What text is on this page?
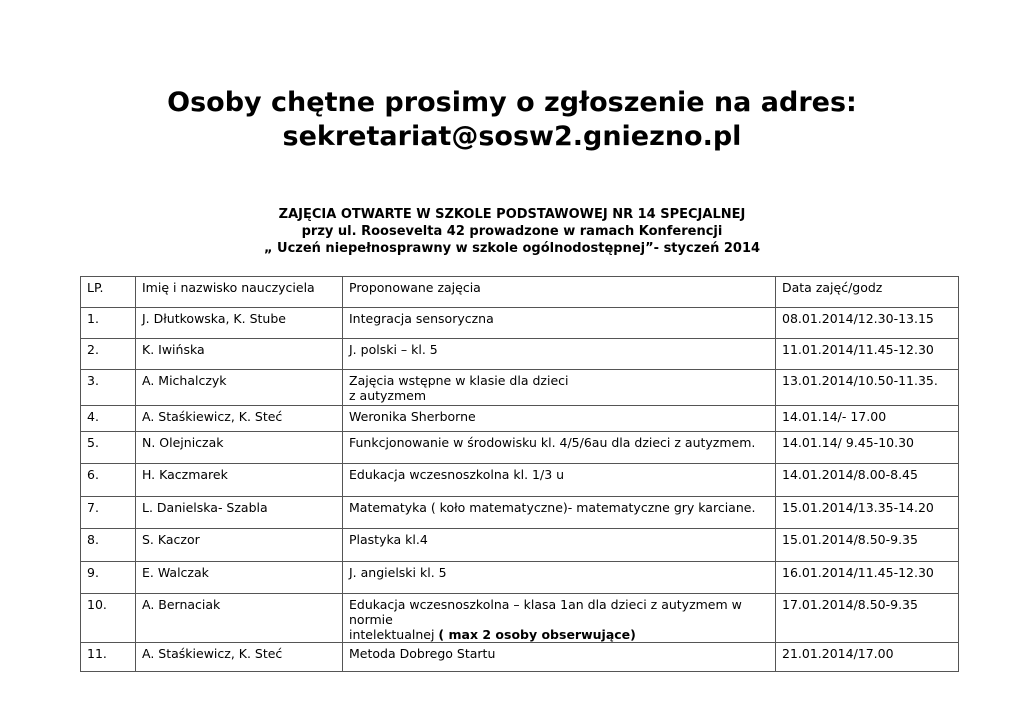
Osoby chętne prosimy o zgłoszenie na adres:
sekretariat@sosw2.gniezno.pl
ZAJĘCIA OTWARTE W SZKOLE PODSTAWOWEJ NR 14 SPECJALNEJ
przy ul. Roosevelta 42 prowadzone w ramach Konferencji
„ Uczeń niepełnosprawny w szkole ogólnodostępnej”- styczeń 2014
LP.	Imię i nazwisko nauczyciela	Proponowane zajęcia	Data zajęć/godz
1.	J. Dłutkowska, K. Stube	Integracja sensoryczna	08.01.2014/12.30-13.15
2.	K. Iwińska	J. polski – kl. 5	11.01.2014/11.45-12.30
3.	A. Michalczyk	Zajęcia wstępne w klasie dla dzieci
z autyzmem	13.01.2014/10.50-11.35.
4.	A. Staśkiewicz, K. Steć	Weronika Sherborne	14.01.14/- 17.00
5.	N. Olejniczak	Funkcjonowanie w środowisku kl. 4/5/6au dla dzieci z autyzmem.	14.01.14/ 9.45-10.30
6.	H. Kaczmarek	Edukacja wczesnoszkolna kl. 1/3 u	14.01.2014/8.00-8.45
7.	L. Danielska- Szabla	Matematyka ( koło matematyczne)- matematyczne gry karciane.	15.01.2014/13.35-14.20
8.	S. Kaczor	Plastyka kl.4	15.01.2014/8.50-9.35
9.	E. Walczak	J. angielski kl. 5	16.01.2014/11.45-12.30
10.	A. Bernaciak	Edukacja wczesnoszkolna – klasa 1an dla dzieci z autyzmem w normie
intelektualnej ( max 2 osoby obserwujące)	17.01.2014/8.50-9.35
11.	A. Staśkiewicz, K. Steć	Metoda Dobrego Startu	21.01.2014/17.00
